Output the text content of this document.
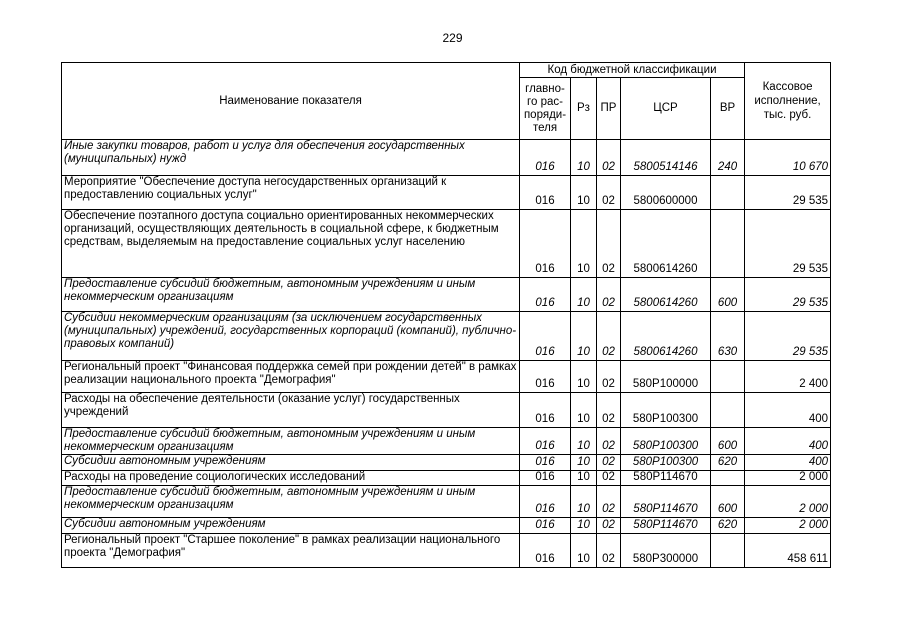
229
Наименование показателя	Код бюджетной классификации					Кассовое
исполнение,
тыс. руб.
	главно-
го рас-
поряди-
теля	Рз	ПР	ЦСР	ВР	
Иные закупки товаров, работ и услуг для обеспечения государственных (муниципальных) нужд	016	10	02	5800514146	240	10 670
Мероприятие "Обеспечение доступа негосударственных организаций к предоставлению социальных услуг"	016	10	02	5800600000		29 535
Обеспечение поэтапного доступа социально ориентированных некоммерческих организаций, осуществляющих деятельность в социальной сфере, к бюджетным средствам, выделяемым на предоставление социальных услуг населению	016	10	02	5800614260		29 535
Предоставление субсидий бюджетным, автономным учреждениям и иным некоммерческим организациям	016	10	02	5800614260	600	29 535
Субсидии некоммерческим организациям (за исключением государственных (муниципальных) учреждений, государственных корпораций (компаний), публично-правовых компаний)	016	10	02	5800614260	630	29 535
Региональный проект "Финансовая поддержка семей при рождении детей" в рамках реализации национального проекта "Демография"	016	10	02	580P100000		2 400
Расходы на обеспечение деятельности (оказание услуг) государственных учреждений	016	10	02	580P100300		400
Предоставление субсидий бюджетным, автономным учреждениям и иным некоммерческим организациям	016	10	02	580P100300	600	400
Субсидии автономным учреждениям	016	10	02	580P100300	620	400
Расходы на проведение социологических исследований	016	10	02	580P114670		2 000
Предоставление субсидий бюджетным, автономным учреждениям и иным некоммерческим организациям	016	10	02	580P114670	600	2 000
Субсидии автономным учреждениям	016	10	02	580P114670	620	2 000
Региональный проект "Старшее поколение" в рамках реализации национального проекта "Демография"	016	10	02	580P300000		458 611
